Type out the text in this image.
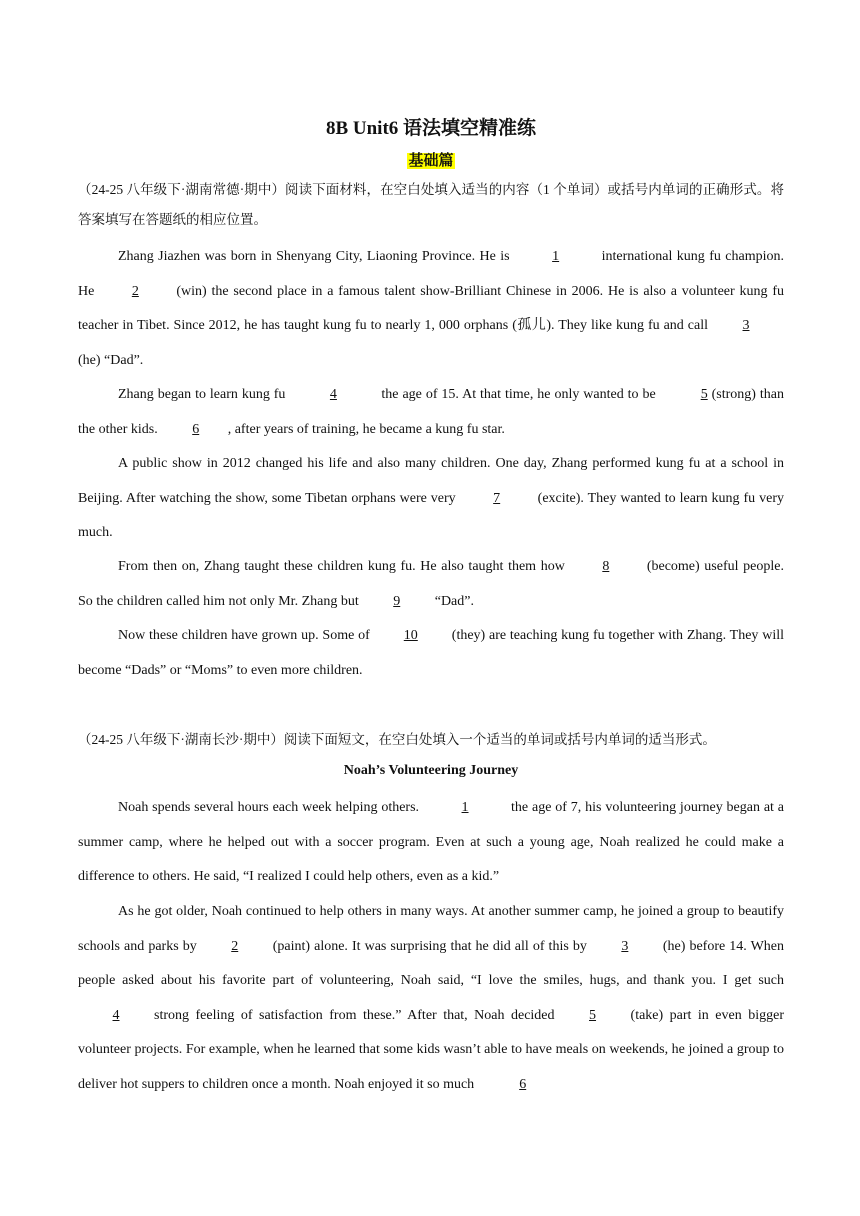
8B Unit6 语法填空精准练
基础篇
（24-25 八年级下·湖南常德·期中）阅读下面材料，在空白处填入适当的内容（1 个单词）或括号内单词的正确形式。将答案填写在答题纸的相应位置。
Zhang Jiazhen was born in Shenyang City, Liaoning Province. He is	1	international kung fu champion. He	2	(win) the second place in a famous talent show-Brilliant Chinese in 2006. He is also a volunteer kung fu teacher in Tibet. Since 2012, he has taught kung fu to nearly 1, 000 orphans (孤儿). They like kung fu and call 3(he) “Dad”.
Zhang began to learn kung fu	4	the age of 15. At that time, he only wanted to be	5 (strong) than the other kids. 6 , after years of training, he became a kung fu star.
A public show in 2012 changed his life and also many children. One day, Zhang performed kung fu at a school in Beijing. After watching the show, some Tibetan orphans were very	7	(excite). They wanted to learn kung fu very much.
From then on, Zhang taught these children kung fu. He also taught them how	8	(become) useful people. So the children called him not only Mr. Zhang but 9 “Dad”.
Now these children have grown up. Some of 10 (they) are teaching kung fu together with Zhang. They will become “Dads” or “Moms” to even more children.
（24-25 八年级下·湖南长沙·期中）阅读下面短文，在空白处填入一个适当的单词或括号内单词的适当形式。
Noah’s Volunteering Journey
Noah spends several hours each week helping others.	1	the age of 7, his volunteering journey began at a summer camp, where he helped out with a soccer program. Even at such a young age, Noah realized he could make a difference to others. He said, “I realized I could help others, even as a kid.”
As he got older, Noah continued to help others in many ways. At another summer camp, he joined a group to beautify schools and parks by 2 (paint) alone. It was surprising that he did all of this by 3 (he) before 14. When people asked about his favorite part of volunteering, Noah said, “I love the smiles, hugs, and thank you. I get such4 strong feeling of satisfaction from these.” After that, Noah decided 5 (take) part in even bigger volunteer projects. For example, when he learned that some kids wasn’t able to have meals on weekends, he joined a group to deliver hot suppers to children once a month. Noah enjoyed it so much	6
